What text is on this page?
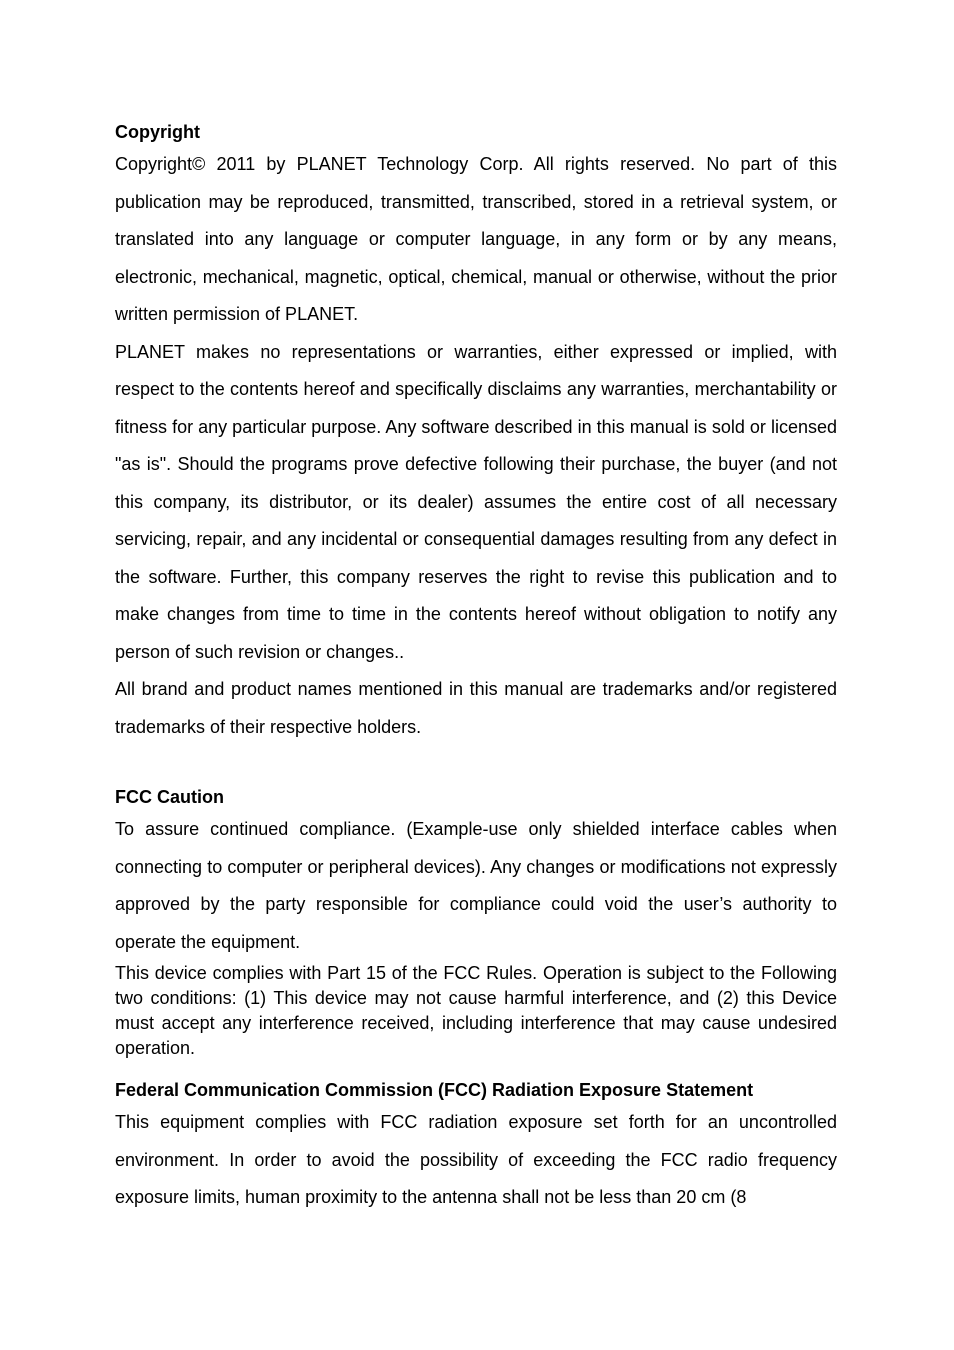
Copyright

Copyright© 2011 by PLANET Technology Corp. All rights reserved. No part of this publication may be reproduced, transmitted, transcribed, stored in a retrieval system, or translated into any language or computer language, in any form or by any means, electronic, mechanical, magnetic, optical, chemical, manual or otherwise, without the prior written permission of PLANET.

PLANET makes no representations or warranties, either expressed or implied, with respect to the contents hereof and specifically disclaims any warranties, merchantability or fitness for any particular purpose. Any software described in this manual is sold or licensed "as is". Should the programs prove defective following their purchase, the buyer (and not this company, its distributor, or its dealer) assumes the entire cost of all necessary servicing, repair, and any incidental or consequential damages resulting from any defect in the software. Further, this company reserves the right to revise this publication and to make changes from time to time in the contents hereof without obligation to notify any person of such revision or changes..

All brand and product names mentioned in this manual are trademarks and/or registered trademarks of their respective holders.

FCC Caution

To assure continued compliance. (Example-use only shielded interface cables when connecting to computer or peripheral devices). Any changes or modifications not expressly approved by the party responsible for compliance could void the user’s authority to operate the equipment.

This device complies with Part 15 of the FCC Rules. Operation is subject to the Following two conditions: (1) This device may not cause harmful interference, and (2) this Device must accept any interference received, including interference that may cause undesired operation.

Federal Communication Commission (FCC) Radiation Exposure Statement

This equipment complies with FCC radiation exposure set forth for an uncontrolled environment. In order to avoid the possibility of exceeding the FCC radio frequency exposure limits, human proximity to the antenna shall not be less than 20 cm (8
